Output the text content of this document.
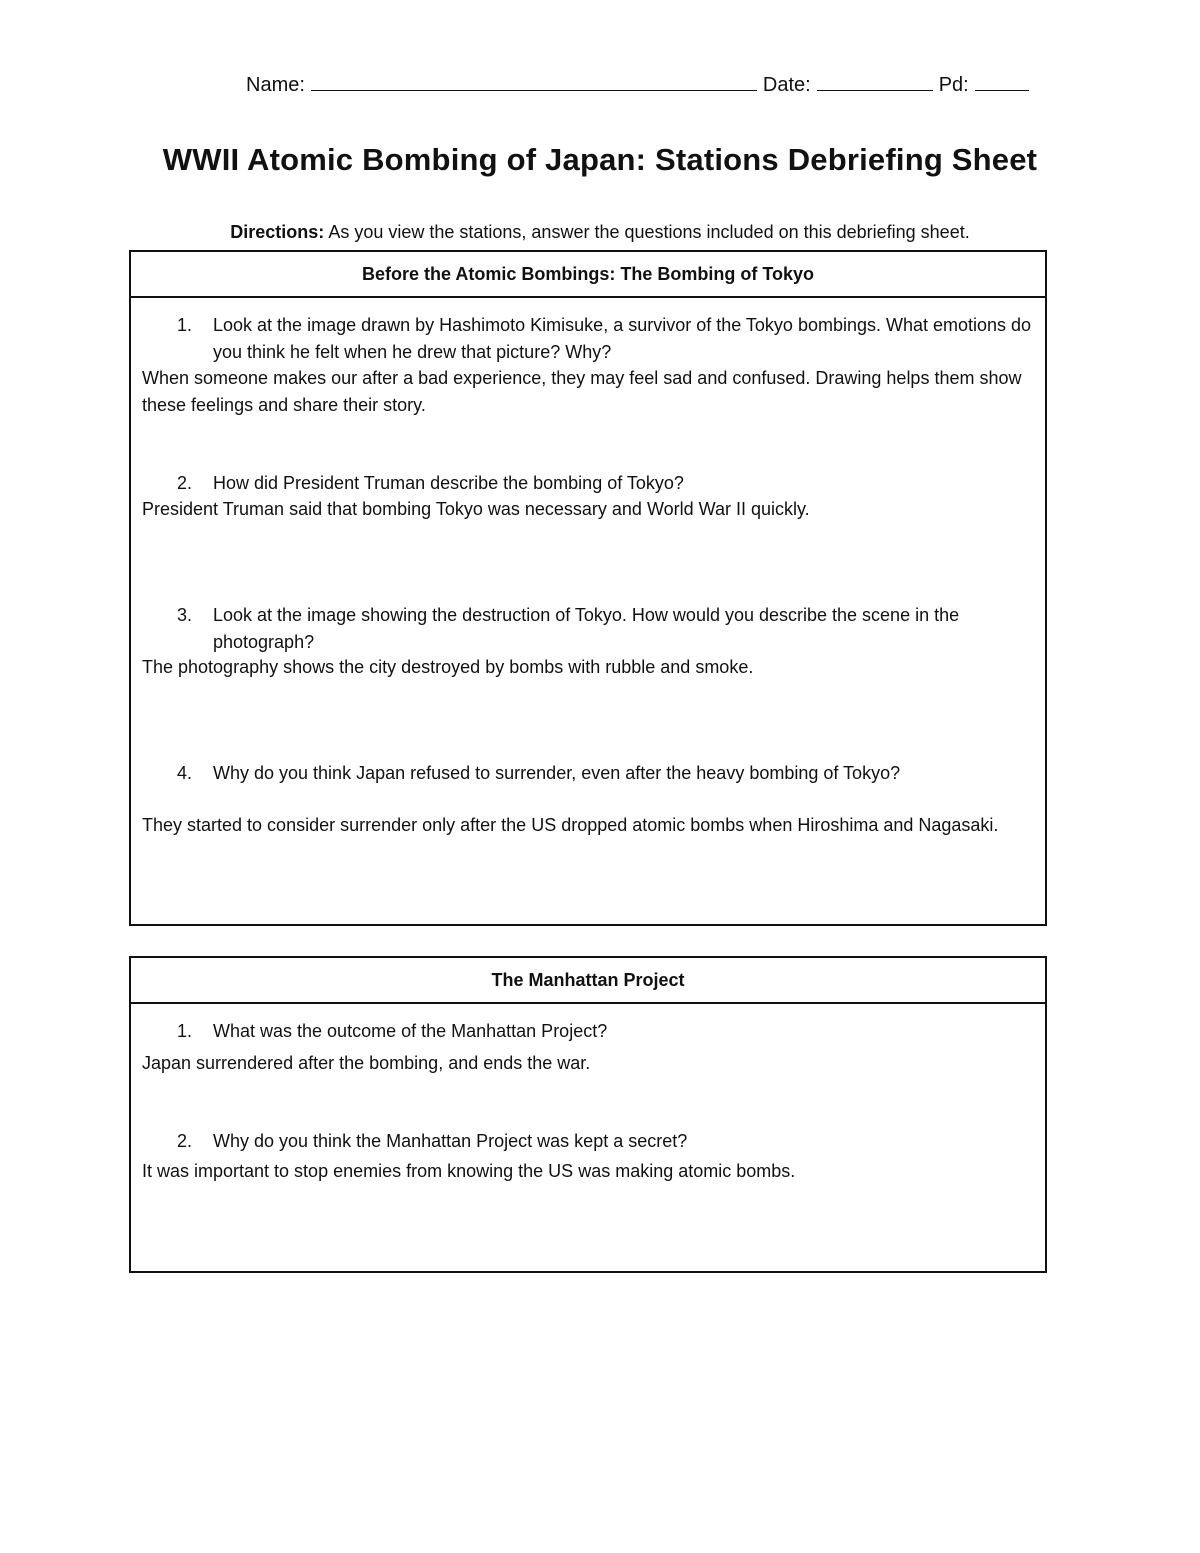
Name:	Date:	Pd:
WWII Atomic Bombing of Japan: Stations Debriefing Sheet
Directions: As you view the stations, answer the questions included on this debriefing sheet.
Before the Atomic Bombings: The Bombing of Tokyo
1. Look at the image drawn by Hashimoto Kimisuke, a survivor of the Tokyo bombings. What emotions do you think he felt when he drew that picture? Why?
When someone makes our after a bad experience, they may feel sad and confused. Drawing helps them show these feelings and share their story.
2. How did President Truman describe the bombing of Tokyo?
President Truman said that bombing Tokyo was necessary and World War II quickly.
3. Look at the image showing the destruction of Tokyo. How would you describe the scene in the photograph?
The photography shows the city destroyed by bombs with rubble and smoke.
4. Why do you think Japan refused to surrender, even after the heavy bombing of Tokyo?
They started to consider surrender only after the US dropped atomic bombs when Hiroshima and Nagasaki.
The Manhattan Project
1. What was the outcome of the Manhattan Project?
Japan surrendered after the bombing, and ends the war.
2. Why do you think the Manhattan Project was kept a secret?
It was important to stop enemies from knowing the US was making atomic bombs.
